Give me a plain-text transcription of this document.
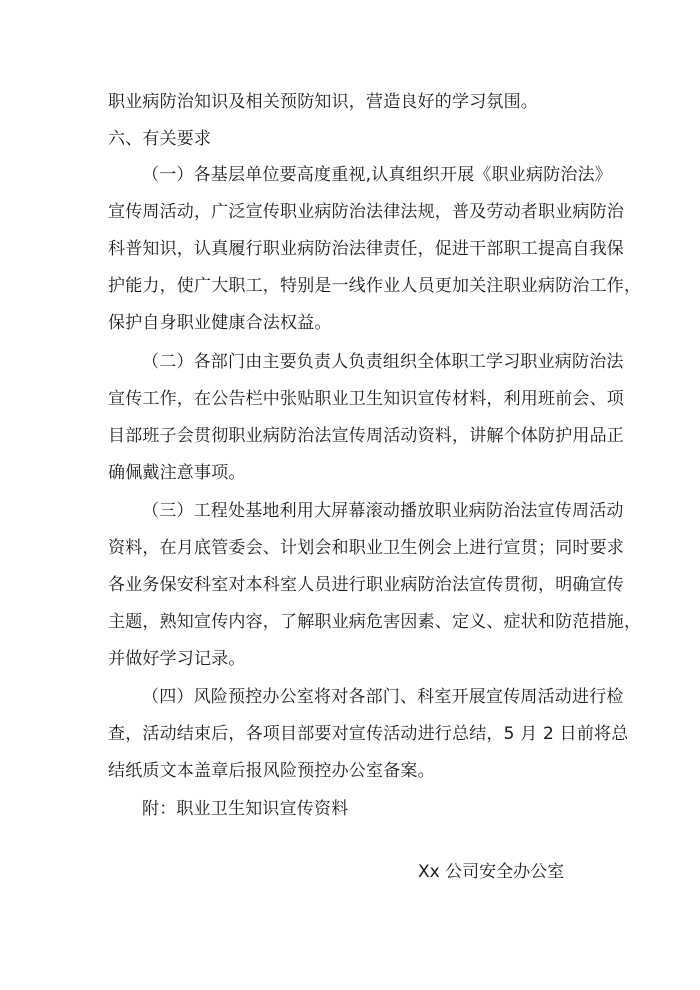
职业病防治知识及相关预防知识，营造良好的学习氛围。
六、有关要求
（一）各基层单位要高度重视,认真组织开展《职业病防治法》
宣传周活动，广泛宣传职业病防治法律法规，普及劳动者职业病防治
科普知识，认真履行职业病防治法律责任，促进干部职工提高自我保
护能力，使广大职工，特别是一线作业人员更加关注职业病防治工作，
保护自身职业健康合法权益。
（二）各部门由主要负责人负责组织全体职工学习职业病防治法
宣传工作，在公告栏中张贴职业卫生知识宣传材料，利用班前会、项
目部班子会贯彻职业病防治法宣传周活动资料，讲解个体防护用品正
确佩戴注意事项。
（三）工程处基地利用大屏幕滚动播放职业病防治法宣传周活动
资料，在月底管委会、计划会和职业卫生例会上进行宣贯；同时要求
各业务保安科室对本科室人员进行职业病防治法宣传贯彻，明确宣传
主题，熟知宣传内容，了解职业病危害因素、定义、症状和防范措施，
并做好学习记录。
（四）风险预控办公室将对各部门、科室开展宣传周活动进行检
查，活动结束后，各项目部要对宣传活动进行总结，5 月 2 日前将总
结纸质文本盖章后报风险预控办公室备案。
附：职业卫生知识宣传资料
Xx 公司安全办公室
